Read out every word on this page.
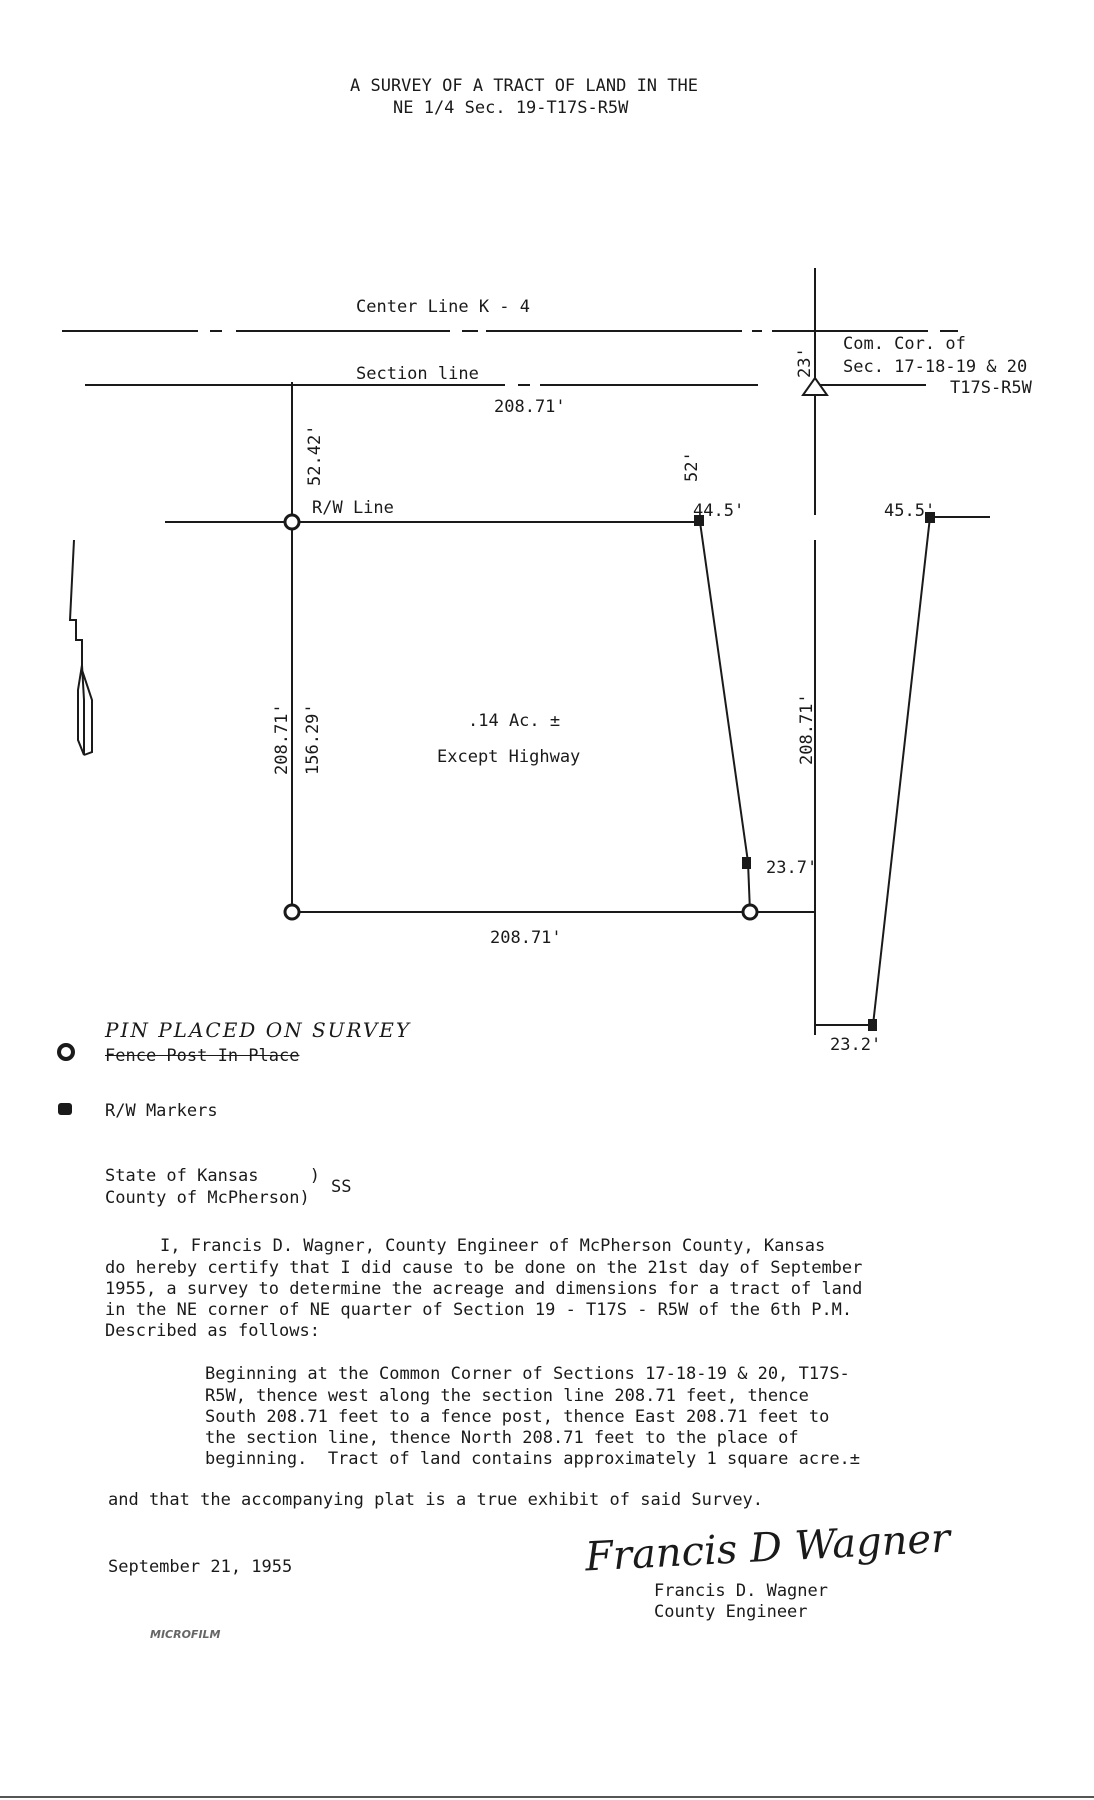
A SURVEY OF A TRACT OF LAND IN THE
NE 1/4 Sec. 19-T17S-R5W
Center Line K - 4
Section line
208.71'
Com. Cor. of
Sec. 17-18-19 & 20
T17S-R5W
R/W Line	44.5'	45.5'
23.7'
208.71'
23.2'
.14 Ac. ±
Except Highway
52.42'
23'
52'
208.71' 156.29'	208.71'
PIN PLACED ON SURVEY
Fence Post In Place
R/W Markers
State of Kansas     )
County of McPherson)
SS
I, Francis D. Wagner, County Engineer of McPherson County, Kansas
do hereby certify that I did cause to be done on the 21st day of September
1955, a survey to determine the acreage and dimensions for a tract of land
in the NE corner of NE quarter of Section 19 - T17S - R5W of the 6th P.M.
Described as follows:
Beginning at the Common Corner of Sections 17-18-19 & 20, T17S-
R5W, thence west along the section line 208.71 feet, thence
South 208.71 feet to a fence post, thence East 208.71 feet to
the section line, thence North 208.71 feet to the place of
beginning.  Tract of land contains approximately 1 square acre.±
and that the accompanying plat is a true exhibit of said Survey.
Francis D Wagner
September 21, 1955
Francis D. Wagner
County Engineer
MICROFILM
